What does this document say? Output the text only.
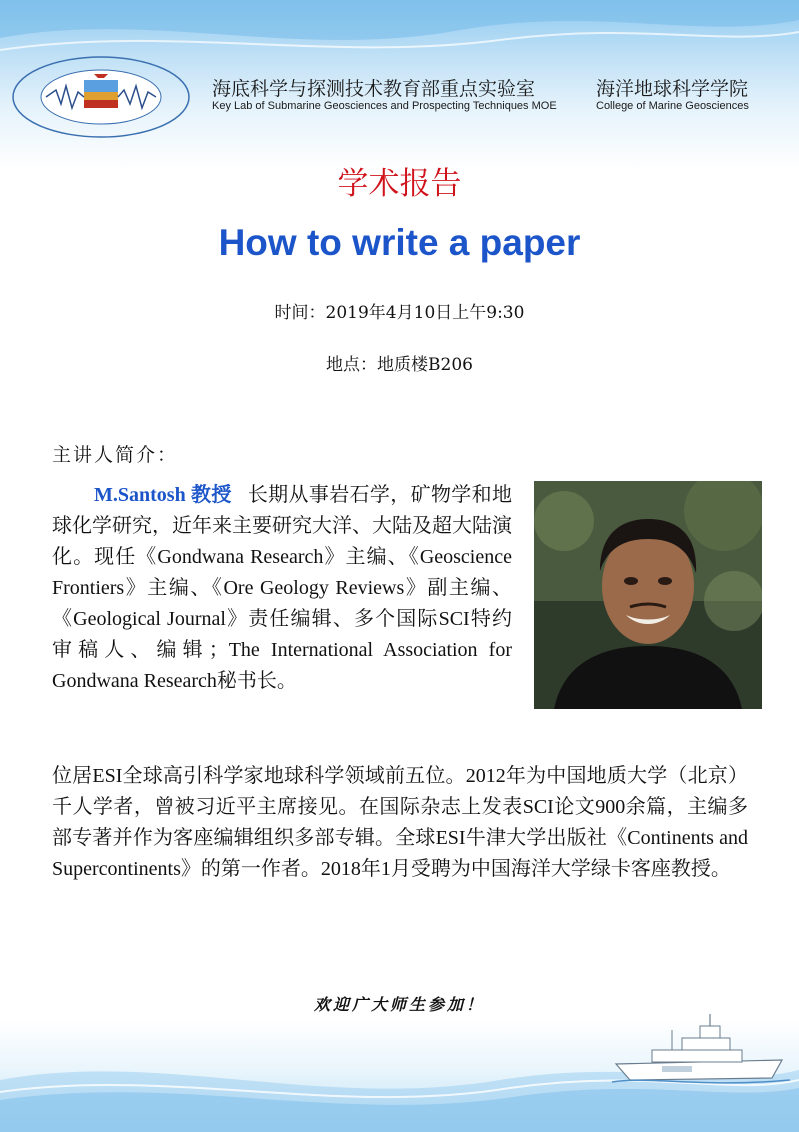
海底科学与探测技术教育部重点实验室
Key Lab of Submarine Geosciences and Prospecting Techniques MOE
海洋地球科学学院
College of Marine Geosciences
学术报告
How to write a paper
时间：2019年4月10日上午9:30
地点：地质楼B206
主讲人简介：
M.Santosh 教授 长期从事岩石学，矿物学和地球化学研究，近年来主要研究大洋、大陆及超大陆演化。现任《Gondwana Research》主编、《Geoscience Frontiers》主编、《Ore Geology Reviews》副主编、《Geological Journal》责任编辑、多个国际SCI特约审稿人、编辑；The International Association for Gondwana Research秘书长。
位居ESI全球高引科学家地球科学领域前五位。2012年为中国地质大学（北京）千人学者，曾被习近平主席接见。在国际杂志上发表SCI论文900余篇，主编多部专著并作为客座编辑组织多部专辑。全球ESI牛津大学出版社《Continents and Supercontinents》的第一作者。2018年1月受聘为中国海洋大学绿卡客座教授。
欢迎广大师生参加！
